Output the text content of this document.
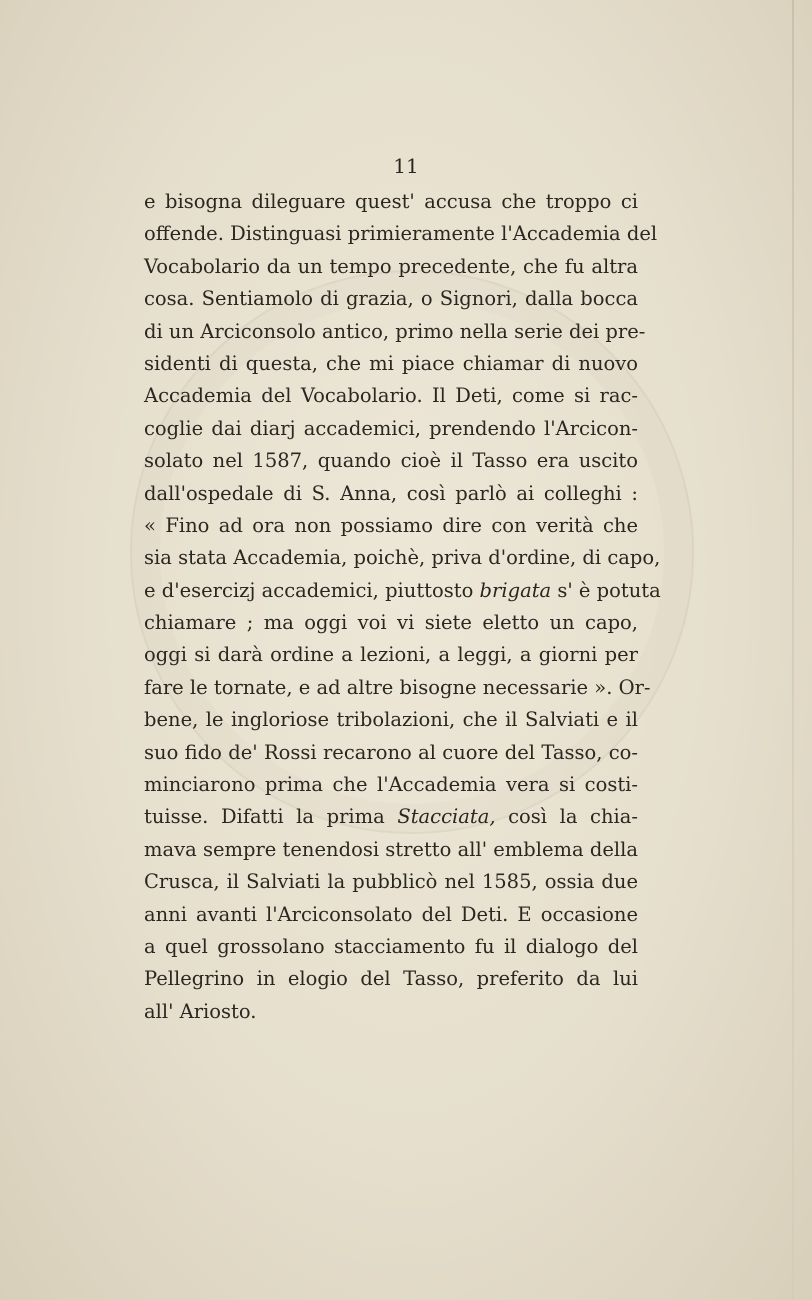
11
e bisogna dileguare quest' accusa che troppo ci
offende. Distinguasi primieramente l'Accademia del
Vocabolario da un tempo precedente, che fu altra
cosa. Sentiamolo di grazia, o Signori, dalla bocca
di un Arciconsolo antico, primo nella serie dei pre-
sidenti di questa, che mi piace chiamar di nuovo
Accademia del Vocabolario. Il Deti, come si rac-
coglie dai diarj accademici, prendendo l'Arcicon-
solato nel 1587, quando cioè il Tasso era uscito
dall'ospedale di S. Anna, così parlò ai colleghi :
« Fino ad ora non possiamo dire con verità che
sia stata Accademia, poichè, priva d'ordine, di capo,
e d'esercizj accademici, piuttosto brigata s' è potuta
chiamare ; ma oggi voi vi siete eletto un capo,
oggi si darà ordine a lezioni, a leggi, a giorni per
fare le tornate, e ad altre bisogne necessarie ». Or-
bene, le ingloriose tribolazioni, che il Salviati e il
suo fido de' Rossi recarono al cuore del Tasso, co-
minciarono prima che l'Accademia vera si costi-
tuisse. Difatti la prima Stacciata, così la chia-
mava sempre tenendosi stretto all' emblema della
Crusca, il Salviati la pubblicò nel 1585, ossia due
anni avanti l'Arciconsolato del Deti. E occasione
a quel grossolano stacciamento fu il dialogo del
Pellegrino in elogio del Tasso, preferito da lui
all' Ariosto.
